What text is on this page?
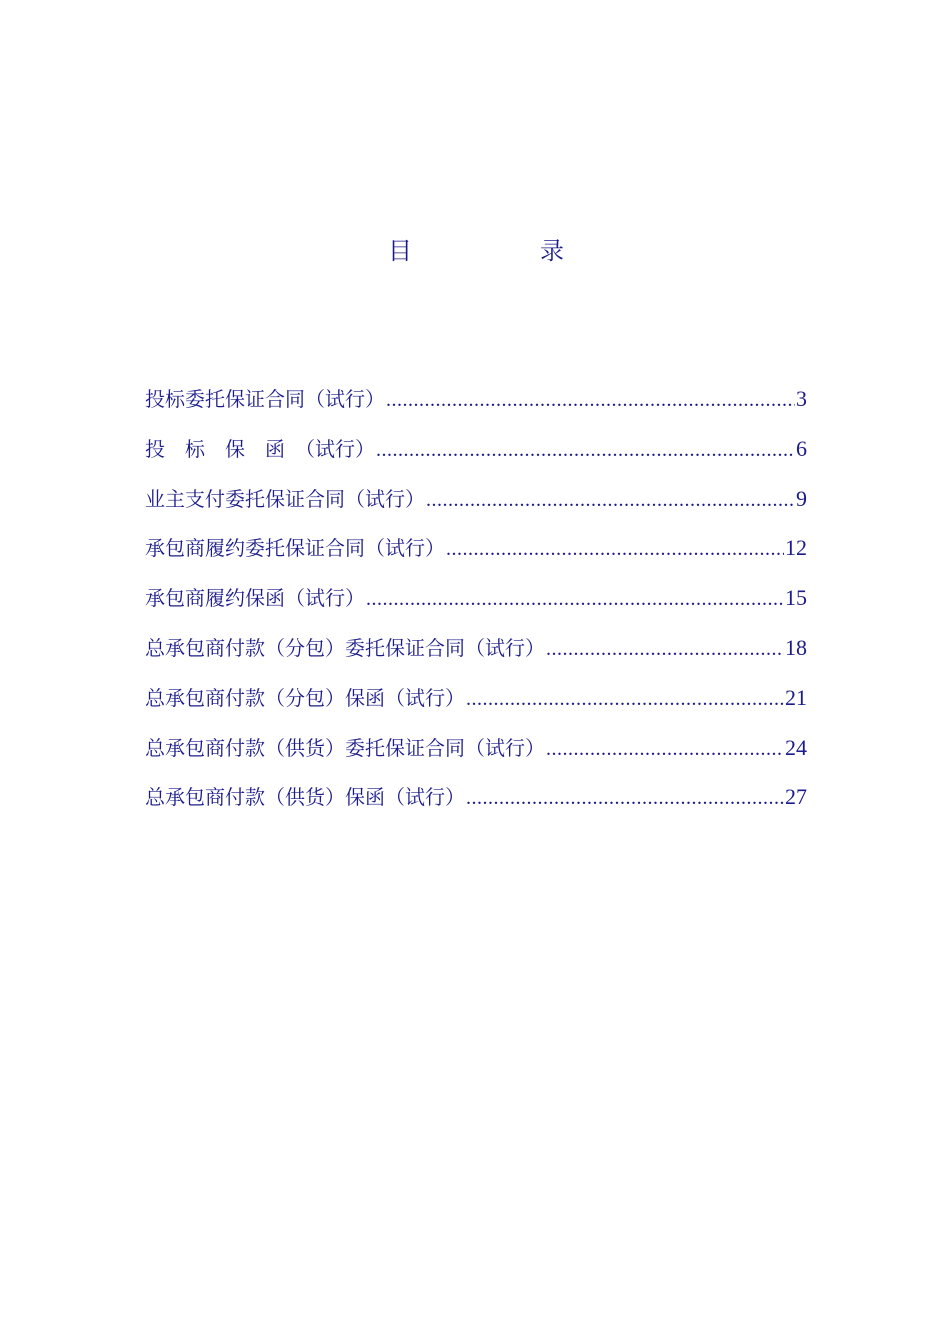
目	录
投标委托保证合同（试行） .....	3
投　标　保　函　（试行） .....	6
业主支付委托保证合同（试行） .....	9
承包商履约委托保证合同（试行） .....	12
承包商履约保函（试行） .....	15
总承包商付款（分包）委托保证合同（试行） .....	18
总承包商付款（分包）保函（试行） .....	21
总承包商付款（供货）委托保证合同（试行） .....	24
总承包商付款（供货）保函（试行） .....	27
